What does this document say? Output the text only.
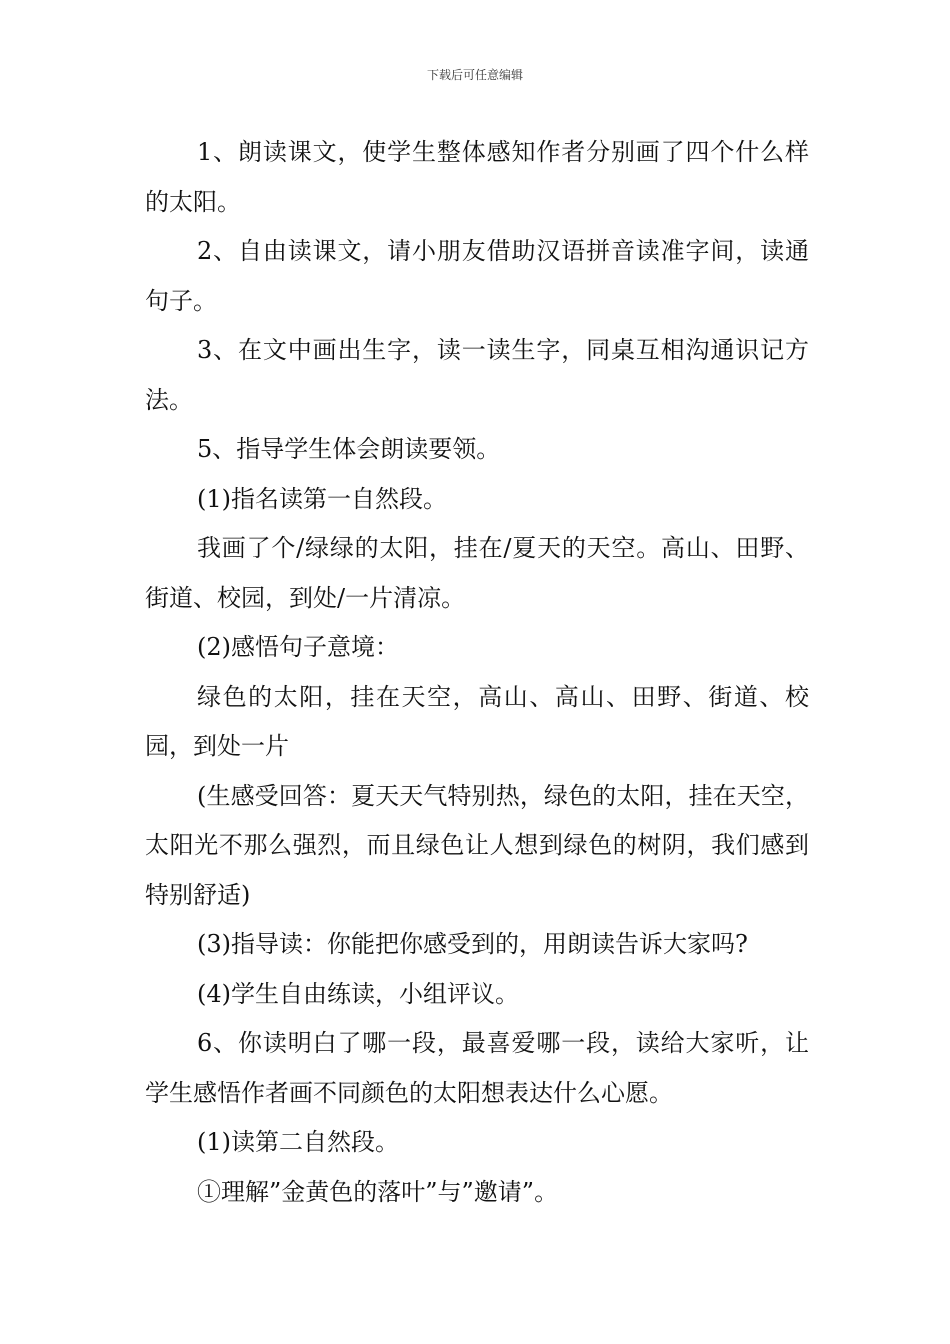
下载后可任意编辑

1、朗读课文，使学生整体感知作者分别画了四个什么样的太阳。

2、自由读课文，请小朋友借助汉语拼音读准字间，读通句子。

3、在文中画出生字，读一读生字，同桌互相沟通识记方法。

5、指导学生体会朗读要领。

(1)指名读第一自然段。

我画了个/绿绿的太阳，挂在/夏天的天空。高山、田野、街道、校园，到处/一片清凉。

(2)感悟句子意境：

绿色的太阳，挂在天空，高山、高山、田野、街道、校园，到处一片

(生感受回答：夏天天气特别热，绿色的太阳，挂在天空，太阳光不那么强烈，而且绿色让人想到绿色的树阴，我们感到特别舒适)

(3)指导读：你能把你感受到的，用朗读告诉大家吗?

(4)学生自由练读，小组评议。

6、你读明白了哪一段，最喜爱哪一段，读给大家听，让学生感悟作者画不同颜色的太阳想表达什么心愿。

(1)读第二自然段。

①理解”金黄色的落叶”与”邀请”。
